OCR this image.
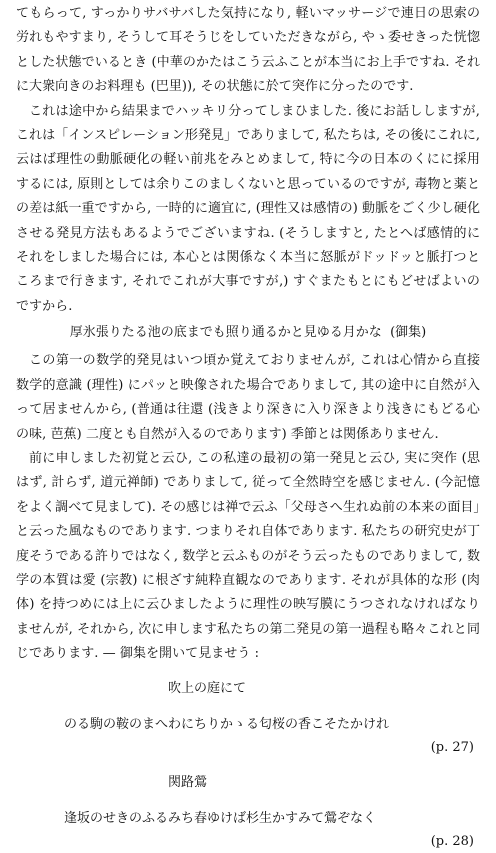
てもらって, すっかりサバサバした気持になり, 軽いマッサージで連日の思索の労れもやすまり, そうして耳そうじをしていただきながら, やゝ委せきった恍惚とした状態でいるとき (中華のかたはこう云ふことが本当にお上手ですね. それに大衆向きのお料理も (巴里)), その状態に於て突作に分ったのです.

これは途中から結果までハッキリ分ってしまひました. 後にお話ししますが, これは「インスピレーション形発見」でありまして, 私たちは, その後にこれに, 云はば理性の動脈硬化の軽い前兆をみとめまして, 特に今の日本のくにに採用するには, 原則としては余りこのましくないと思っているのですが, 毒物と薬との差は紙一重ですから, 一時的に適宜に, (理性又は感情の) 動脈をごく少し硬化させる発見方法もあるようでございますね. (そうしますと, たとへば感情的にそれをしました場合には, 本心とは関係なく本当に怒脈がドッドッと脈打つところまで行きます, それでこれが大事ですが,) すぐまたもとにもどせばよいのですから.

厚氷張りたる池の底までも照り通るかと見ゆる月かな (御集)

この第一の数学的発見はいつ頃か覚えておりませんが, これは心情から直接数学的意識 (理性) にパッと映像された場合でありまして, 其の途中に自然が入って居ませんから, (普通は往還 (浅きより深きに入り深きより浅きにもどる心の味, 芭蕉) 二度とも自然が入るのであります) 季節とは関係ありません.

前に申しました初覚と云ひ, この私達の最初の第一発見と云ひ, 実に突作 (思はず, 計らず, 道元禅師) でありまして, 従って全然時空を感じません. (今記憶をよく調べて見まして). その感じは禅で云ふ「父母さへ生れぬ前の本来の面目」と云った風なものであります. つまりそれ自体であります. 私たちの研究史が丁度そうである許りではなく, 数学と云ふものがそう云ったものでありまして, 数学の本質は愛 (宗教) に根ざす純粋直観なのであります. それが具体的な形 (肉体) を持つめには上に云ひましたように理性の映写膜にうつされなければなりませんが, それから, 次に申します私たちの第二発見の第一過程も略々これと同じであります. — 御集を開いて見ませう :

吹上の庭にて

のる駒の鞍のまへわにちりかゝる匂桜の香こそたかけれ

(p. 27)

関路鶯

逢坂のせきのふるみち春ゆけば杉生かすみて鶯ぞなく

(p. 28)
